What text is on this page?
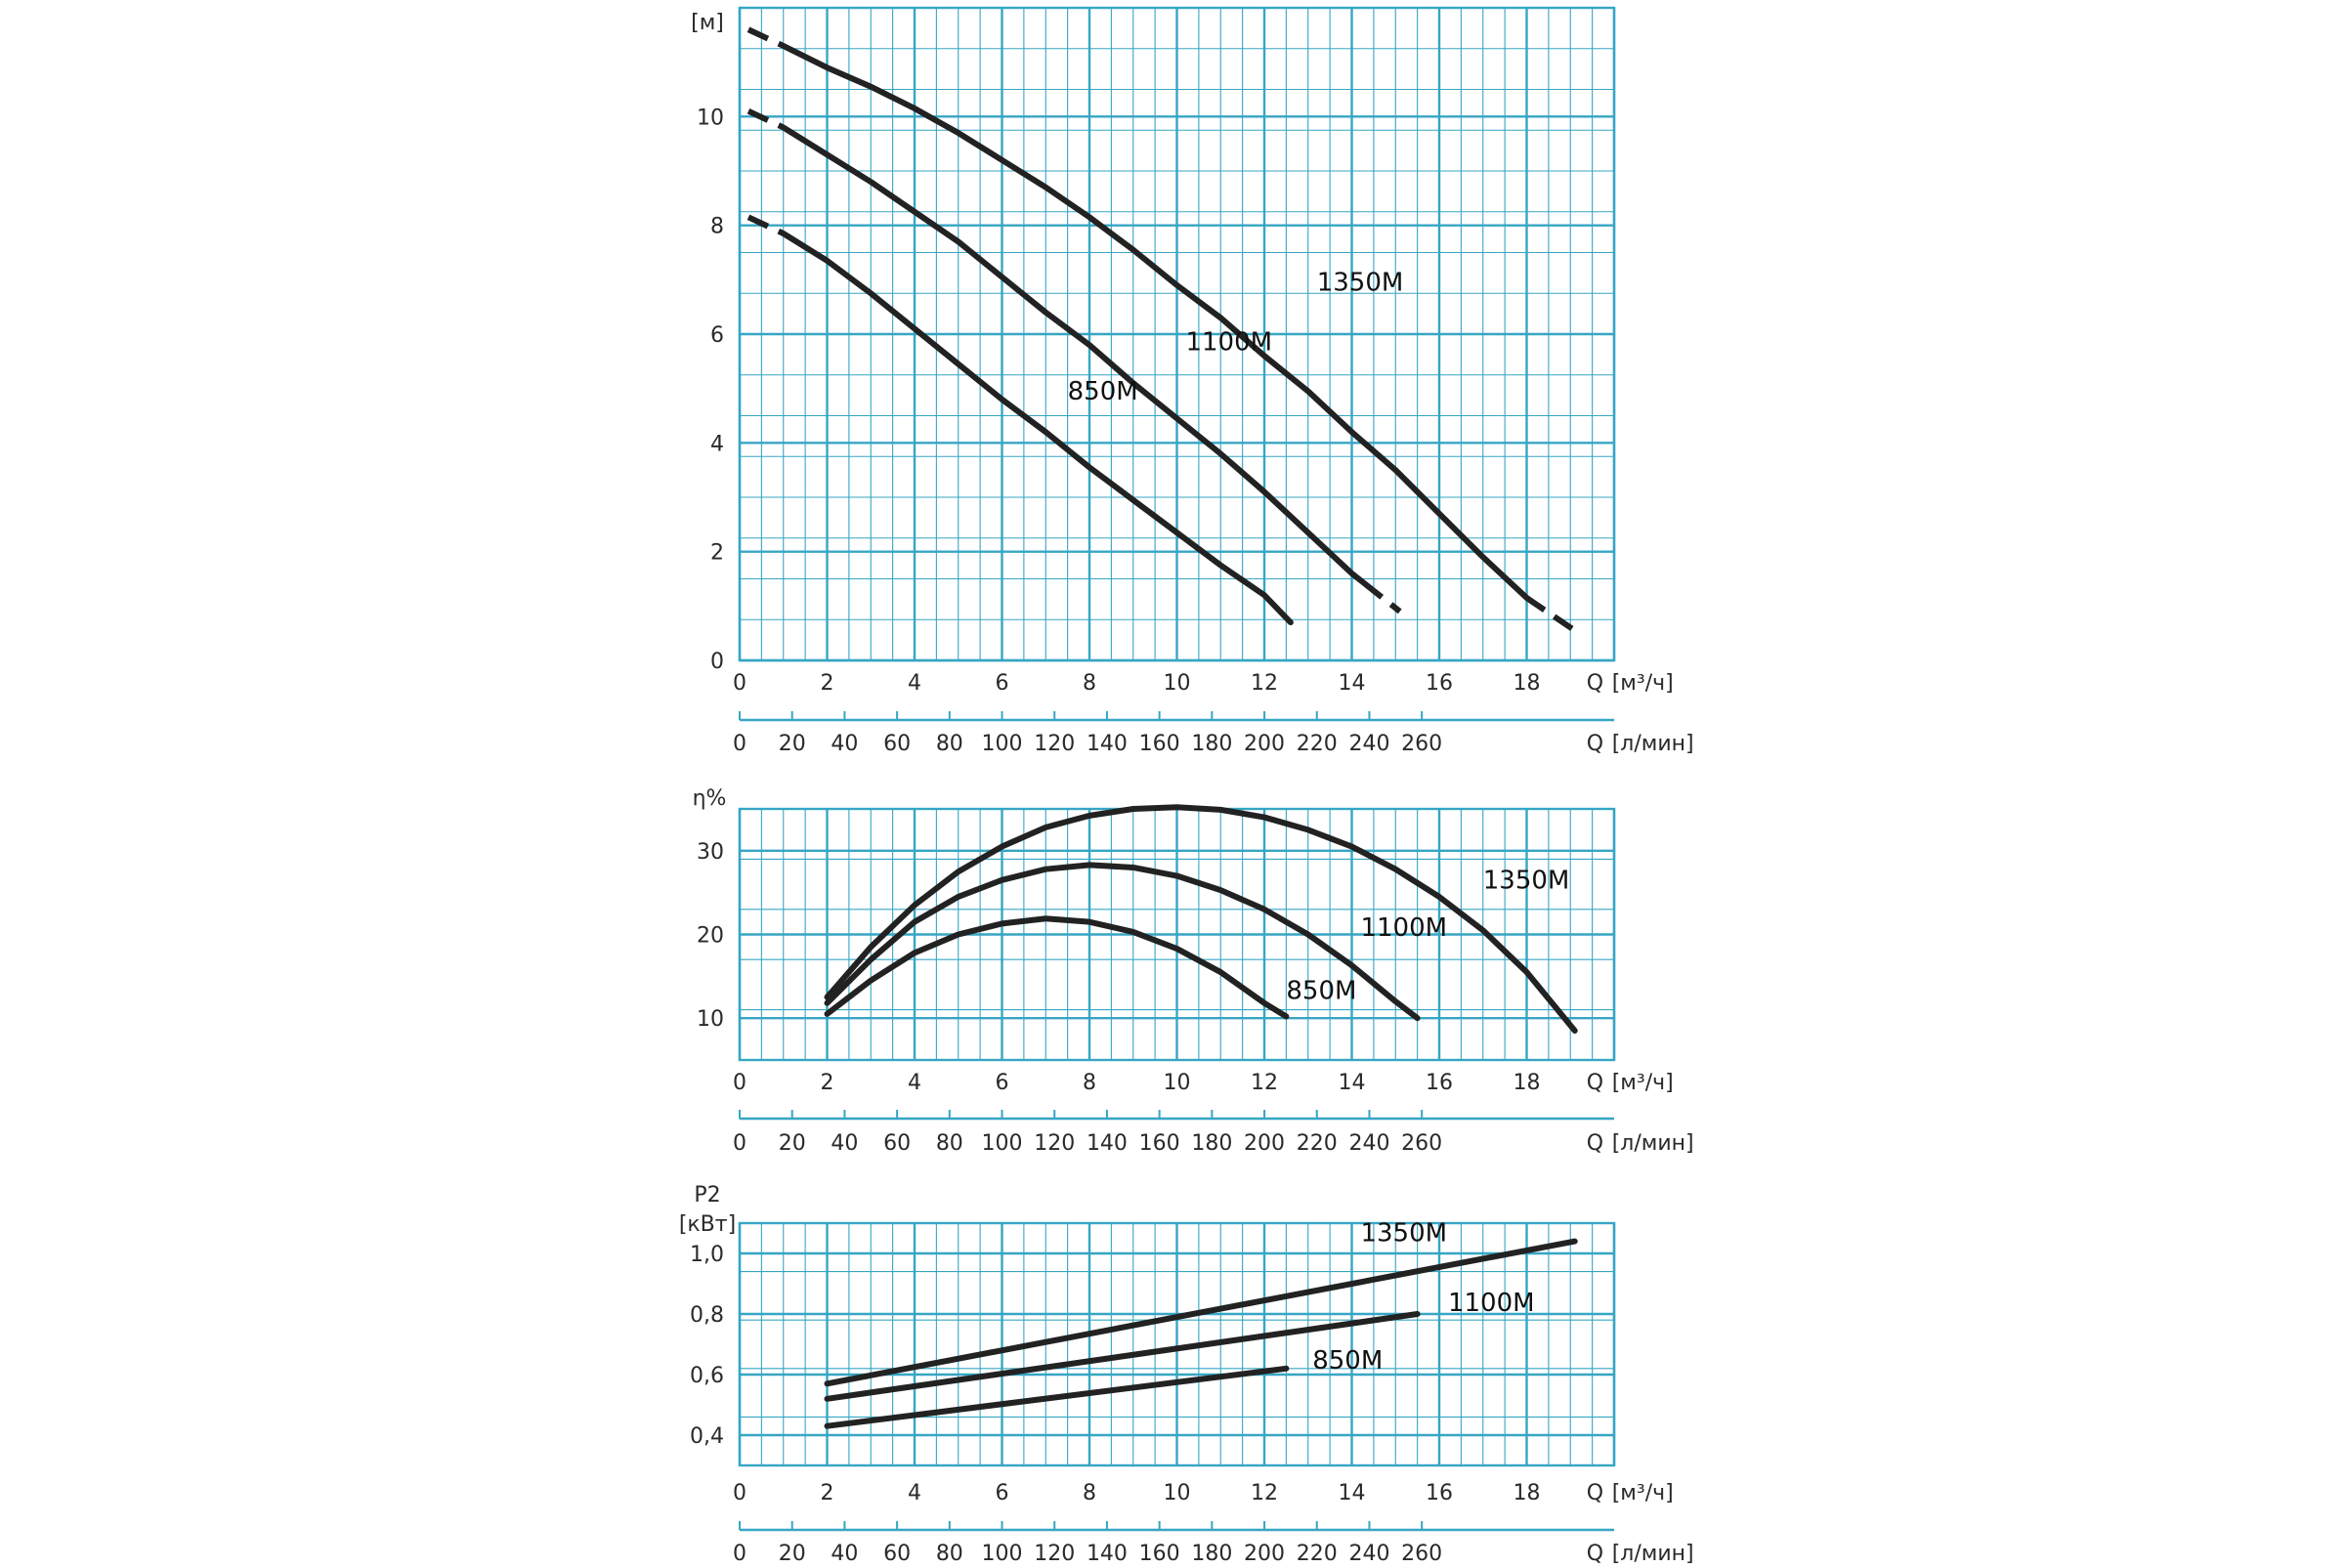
0
2
4
6
8
10
[м]
0	2	4	6	8	10	12	14	16	18 Q [м³/ч]
0 20 40 60 80 100 120 140 160 180 200 220 240 260	Q [л/мин]
1350M
1100M
850M
10
20
30
η%
0	2	4	6	8	10	12	14	16	18 Q [м³/ч]
0 20 40 60 80 100 120 140 160 180 200 220 240 260	Q [л/мин]
1350M
1100M
850M
0,4
0,6
0,8
1,0
P2
[кВт]
0	2	4	6	8	10	12	14	16	18 Q [м³/ч]
0 20 40 60 80 100 120 140 160 180 200 220 240 260	Q [л/мин]
1350M
1100M
850M
